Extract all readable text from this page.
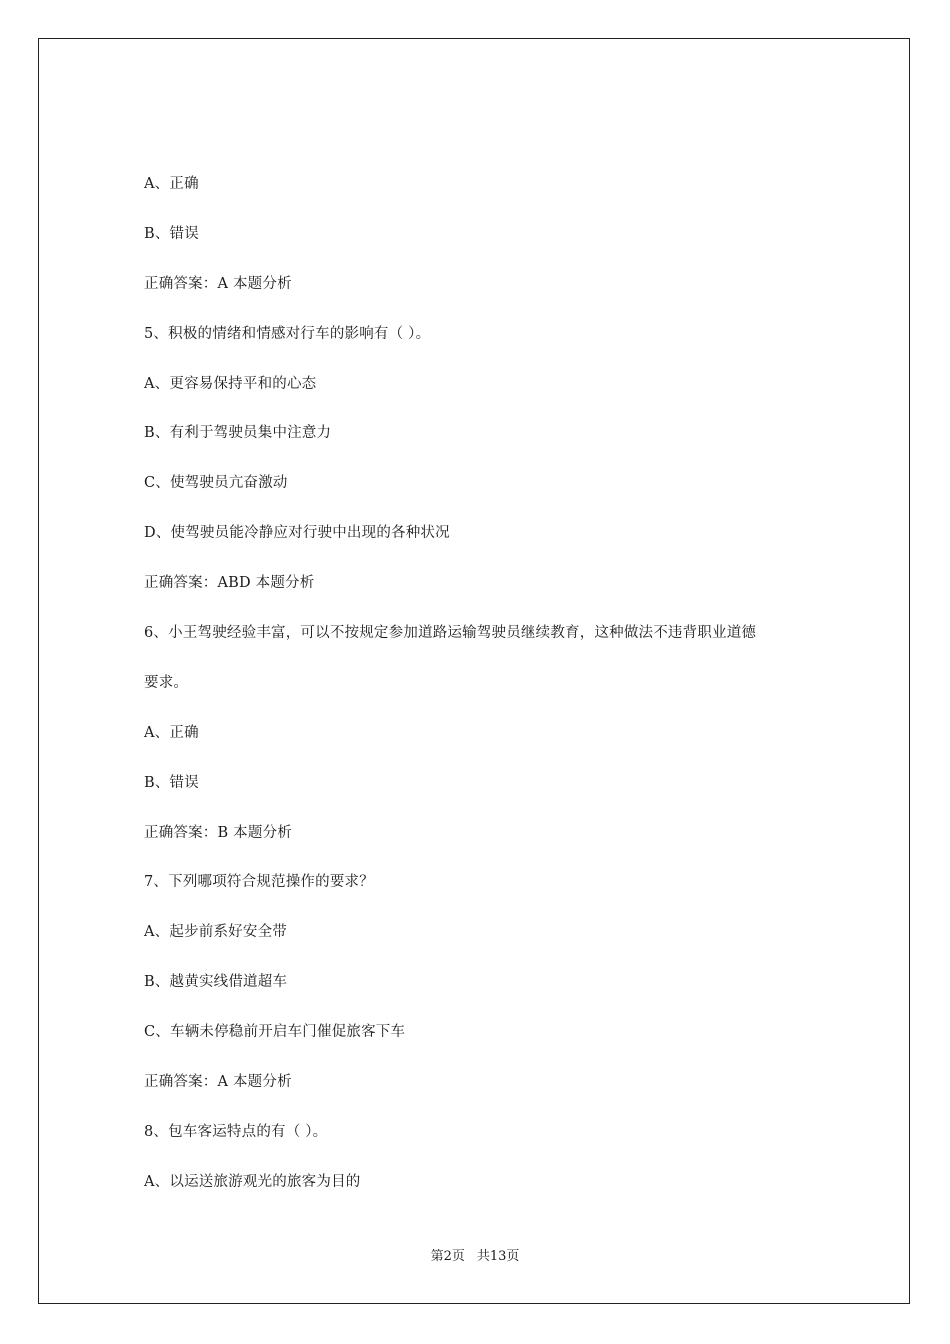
A、正确
B、错误
正确答案：A 本题分析
5、积极的情绪和情感对行车的影响有（ ）。
A、更容易保持平和的心态
B、有利于驾驶员集中注意力
C、使驾驶员亢奋激动
D、使驾驶员能冷静应对行驶中出现的各种状况
正确答案：ABD 本题分析
6、小王驾驶经验丰富，可以不按规定参加道路运输驾驶员继续教育，这种做法不违背职业道德
要求。
A、正确
B、错误
正确答案：B 本题分析
7、下列哪项符合规范操作的要求？
A、起步前系好安全带
B、越黄实线借道超车
C、车辆未停稳前开启车门催促旅客下车
正确答案：A 本题分析
8、包车客运特点的有（ ）。
A、以运送旅游观光的旅客为目的
第2页 共13页
